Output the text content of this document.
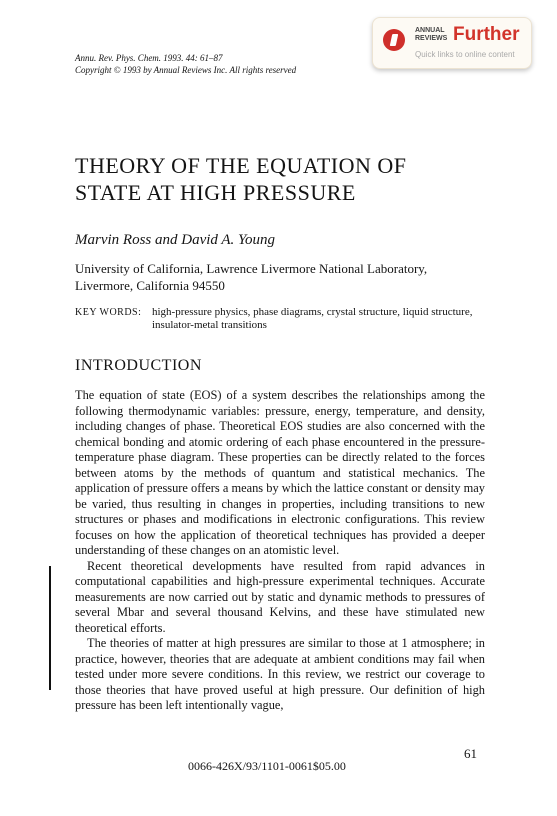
Annu. Rev. Phys. Chem. 1993. 44: 61–87
Copyright © 1993 by Annual Reviews Inc. All rights reserved
ANNUAL REVIEWS Further
Quick links to online content
THEORY OF THE EQUATION OF
STATE AT HIGH PRESSURE
Marvin Ross and David A. Young
University of California, Lawrence Livermore National Laboratory,
Livermore, California 94550
KEY WORDS: high-pressure physics, phase diagrams, crystal structure, liquid structure, insulator-metal transitions
INTRODUCTION

The equation of state (EOS) of a system describes the relationships among the following thermodynamic variables: pressure, energy, temperature, and density, including changes of phase. Theoretical EOS studies are also concerned with the chemical bonding and atomic ordering of each phase encountered in the pressure-temperature phase diagram. These properties can be directly related to the forces between atoms by the methods of quantum and statistical mechanics. The application of pressure offers a means by which the lattice constant or density may be varied, thus resulting in changes in properties, including transitions to new structures or phases and modifications in electronic configurations. This review focuses on how the application of theoretical techniques has provided a deeper understanding of these changes on an atomistic level.

Recent theoretical developments have resulted from rapid advances in computational capabilities and high-pressure experimental techniques. Accurate measurements are now carried out by static and dynamic methods to pressures of several Mbar and several thousand Kelvins, and these have stimulated new theoretical efforts.

The theories of matter at high pressures are similar to those at 1 atmosphere; in practice, however, theories that are adequate at ambient conditions may fail when tested under more severe conditions. In this review, we restrict our coverage to those theories that have proved useful at high pressure. Our definition of high pressure has been left intentionally vague,

61
0066-426X/93/1101-0061$05.00
